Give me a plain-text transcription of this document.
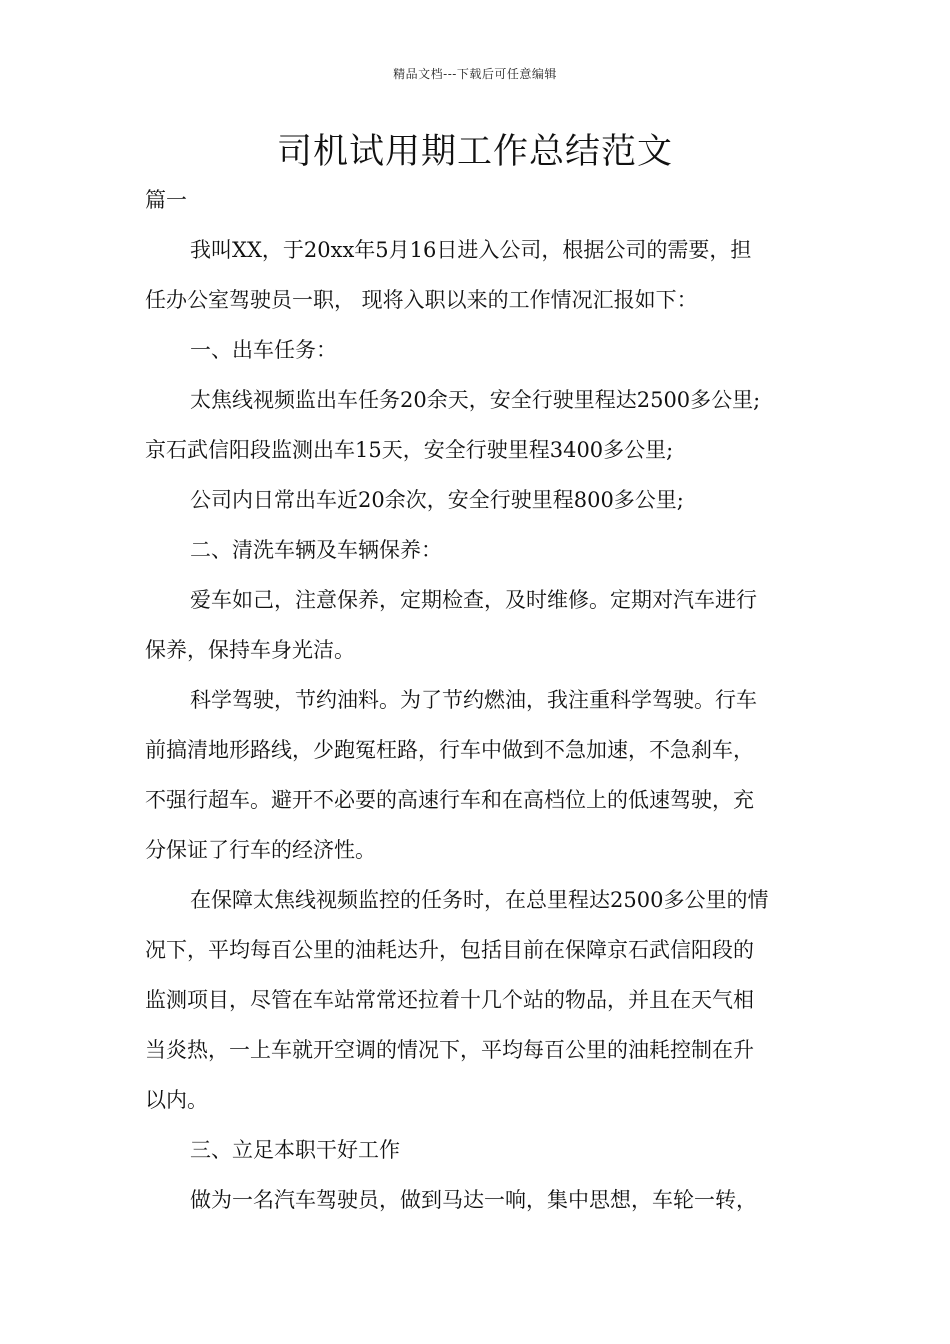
精品文档---下载后可任意编辑
司机试用期工作总结范文
篇一
我叫XX，于20xx年5月16日进入公司，根据公司的需要，担
任办公室驾驶员一职， 现将入职以来的工作情况汇报如下：
一、出车任务：
太焦线视频监出车任务20余天，安全行驶里程达2500多公里;
京石武信阳段监测出车15天，安全行驶里程3400多公里;
公司内日常出车近20余次，安全行驶里程800多公里;
二、清洗车辆及车辆保养：
爱车如己，注意保养，定期检查，及时维修。定期对汽车进行
保养，保持车身光洁。
科学驾驶，节约油料。为了节约燃油，我注重科学驾驶。行车
前搞清地形路线，少跑冤枉路，行车中做到不急加速，不急刹车，
不强行超车。避开不必要的高速行车和在高档位上的低速驾驶，充
分保证了行车的经济性。
在保障太焦线视频监控的任务时，在总里程达2500多公里的情
况下，平均每百公里的油耗达升，包括目前在保障京石武信阳段的
监测项目，尽管在车站常常还拉着十几个站的物品，并且在天气相
当炎热，一上车就开空调的情况下，平均每百公里的油耗控制在升
以内。
三、立足本职干好工作
做为一名汽车驾驶员，做到马达一响，集中思想，车轮一转，
